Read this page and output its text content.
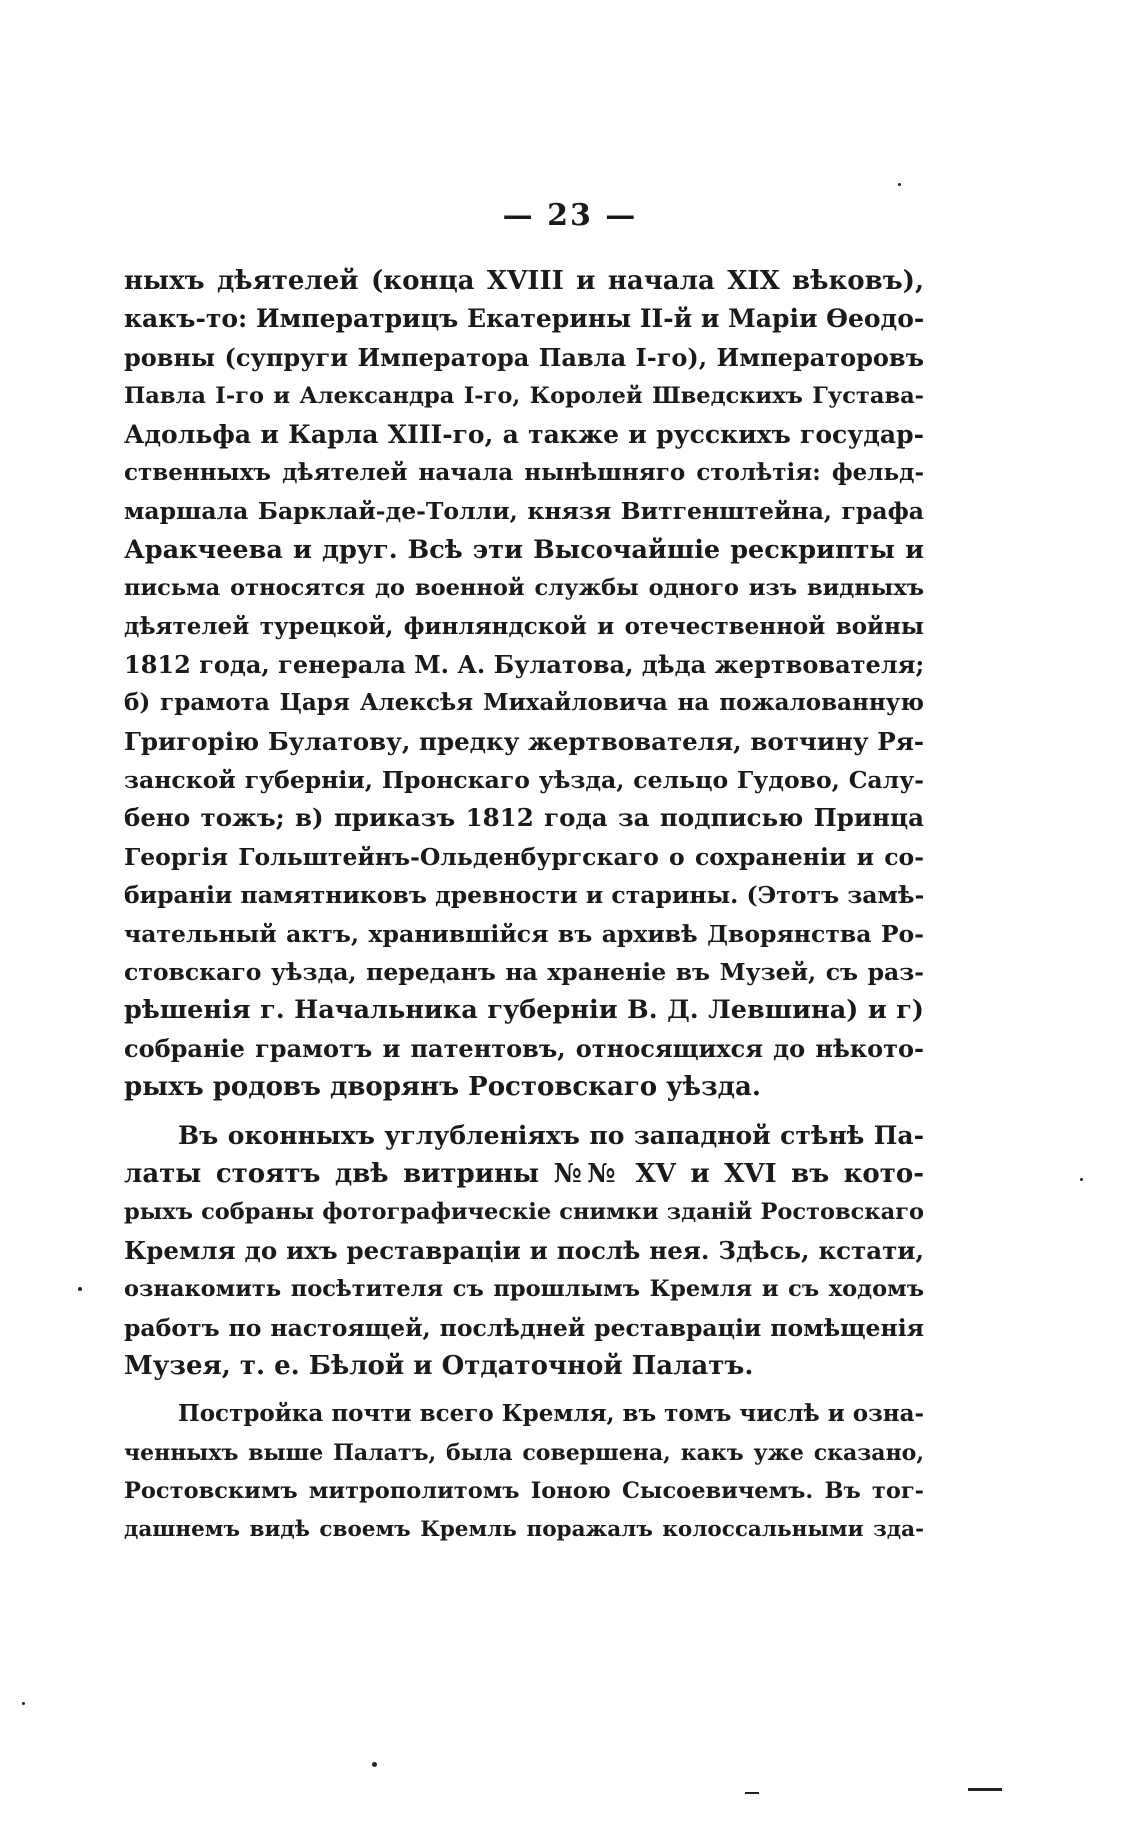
— 23 —
ныхъ дѣятелей (конца XVIII и начала XIX вѣковъ),
какъ-то: Императрицъ Екатерины II-й и Маріи Өеодо-
ровны (супруги Императора Павла I-го), Императоровъ
Павла I-го и Александра I-го, Королей Шведскихъ Густава-
Адольфа и Карла XIII-го, а также и русскихъ государ-
ственныхъ дѣятелей начала нынѣшняго столѣтія: фельд-
маршала Барклай-де-Толли, князя Витгенштейна, графа
Аракчеева и друг. Всѣ эти Высочайшіе рескрипты и
письма относятся до военной службы одного изъ видныхъ
дѣятелей турецкой, финляндской и отечественной войны
1812 года, генерала М. А. Булатова, дѣда жертвователя;
б) грамота Царя Алексѣя Михайловича на пожалованную
Григорію Булатову, предку жертвователя, вотчину Ря-
занской губерніи, Пронскаго уѣзда, сельцо Гудово, Салу-
бено тожъ; в) приказъ 1812 года за подписью Принца
Георгія Гольштейнъ-Ольденбургскаго о сохраненіи и со-
бираніи памятниковъ древности и старины. (Этотъ замѣ-
чательный актъ, хранившійся въ архивѣ Дворянства Ро-
стовскаго уѣзда, переданъ на храненіе въ Музей, съ раз-
рѣшенія г. Начальника губерніи В. Д. Левшина) и г)
собраніе грамотъ и патентовъ, относящихся до нѣкото-
рыхъ родовъ дворянъ Ростовскаго уѣзда.
Въ оконныхъ углубленіяхъ по западной стѣнѣ Па-
латы стоятъ двѣ витрины №№ XV и XVI въ кото-
рыхъ собраны фотографическіе снимки зданій Ростовскаго
Кремля до ихъ реставраціи и послѣ нея. Здѣсь, кстати,
ознакомить посѣтителя съ прошлымъ Кремля и съ ходомъ
работъ по настоящей, послѣдней реставраціи помѣщенія
Музея, т. е. Бѣлой и Отдаточной Палатъ.
Постройка почти всего Кремля, въ томъ числѣ и озна-
ченныхъ выше Палатъ, была совершена, какъ уже сказано,
Ростовскимъ митрополитомъ Іоною Сысоевичемъ. Въ тог-
дашнемъ видѣ своемъ Кремль поражалъ колоссальными зда-
